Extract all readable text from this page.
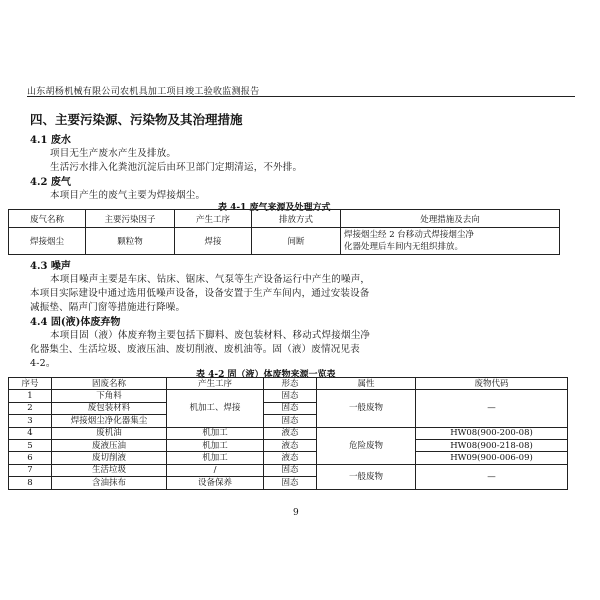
山东胡杨机械有限公司农机具加工项目竣工验收监测报告
四、主要污染源、污染物及其治理措施
4.1 废水
项目无生产废水产生及排放。
生活污水排入化粪池沉淀后由环卫部门定期清运，不外排。
4.2 废气
本项目产生的废气主要为焊接烟尘。
表 4-1 废气来源及处理方式
废气名称	主要污染因子	产生工序	排放方式	处理措施及去向
焊接烟尘	颗粒物	焊接	间断	焊接烟尘经 2 台移动式焊接烟尘净
化器处理后车间内无组织排放。
4.3 噪声
本项目噪声主要是车床、钻床、锯床、气泵等生产设备运行中产生的噪声，
本项目实际建设中通过选用低噪声设备，设备安置于生产车间内，通过安装设备
减振垫、隔声门窗等措施进行降噪。
4.4 固(液)体废弃物
本项目固（液）体废弃物主要包括下脚料、废包装材料、移动式焊接烟尘净
化器集尘、生活垃圾、废液压油、废切削液、废机油等。固（液）废情况见表
4-2。
表 4-2 固（液）体废物来源一览表
序号	固废名称	产生工序	形态	属性	废物代码
1	下角料	机加工、焊接	固态	一般废物	—
2	废包装材料		固态		
3	焊接烟尘净化器集尘		固态		
4	废机油	机加工	液态	危险废物	HW08(900-200-08)
5	废液压油	机加工	液态		HW08(900-218-08)
6	废切削液	机加工	液态		HW09(900-006-09)
7	生活垃圾	/	固态	一般废物	—
8	含油抹布	设备保养	固态		
9
